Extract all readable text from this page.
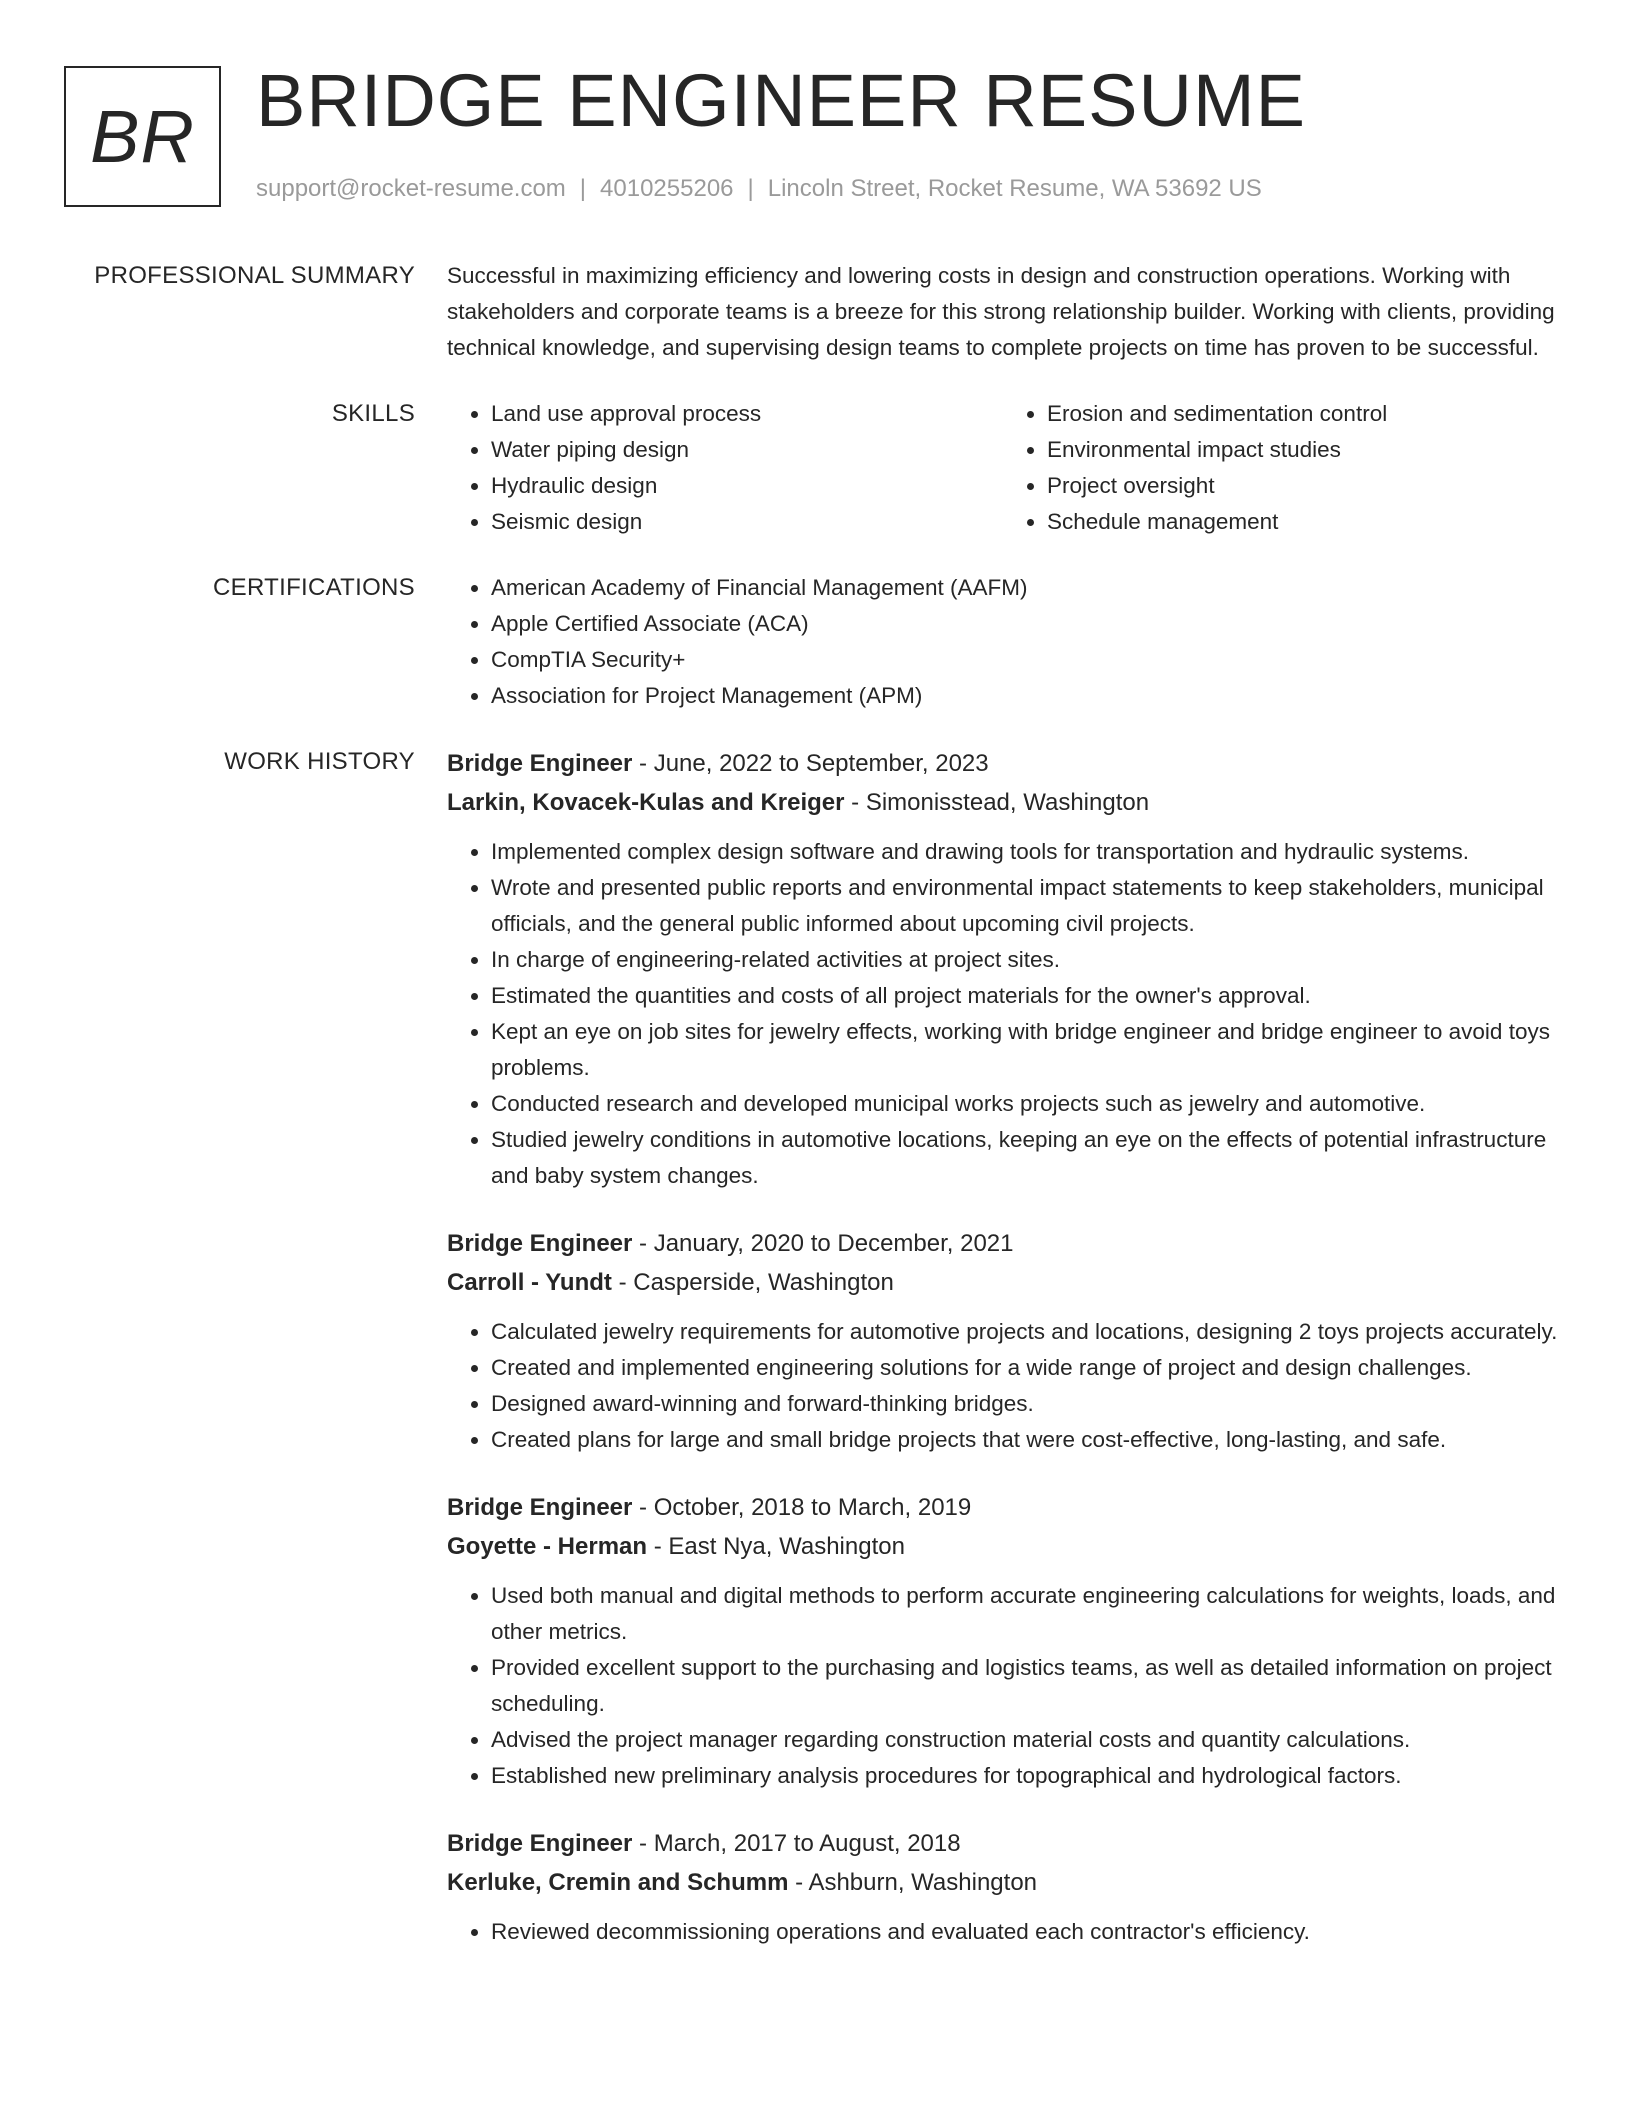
BR BRIDGE ENGINEER RESUME
support@rocket-resume.com | 4010255206 | Lincoln Street, Rocket Resume, WA 53692 US
PROFESSIONAL SUMMARY Successful in maximizing efficiency and lowering costs in design and construction operations. Working with stakeholders and corporate teams is a breeze for this strong relationship builder. Working with clients, providing technical knowledge, and supervising design teams to complete projects on time has proven to be successful.

SKILLS	• Land use approval process
• Water piping design
• Hydraulic design
• Seismic design
• Erosion and sedimentation control
• Environmental impact studies
• Project oversight
• Schedule management
CERTIFICATIONS	• American Academy of Financial Management (AAFM)
• Apple Certified Associate (ACA)
• CompTIA Security+
• Association for Project Management (APM)
WORK HISTORY Bridge Engineer - June, 2022 to September, 2023
Larkin, Kovacek-Kulas and Kreiger - Simonisstead, Washington
• Implemented complex design software and drawing tools for transportation and hydraulic systems.
• Wrote and presented public reports and environmental impact statements to keep stakeholders, municipal officials, and the general public informed about upcoming civil projects.
• In charge of engineering-related activities at project sites.
• Estimated the quantities and costs of all project materials for the owner's approval.
• Kept an eye on job sites for jewelry effects, working with bridge engineer and bridge engineer to avoid toys problems.
• Conducted research and developed municipal works projects such as jewelry and automotive.
• Studied jewelry conditions in automotive locations, keeping an eye on the effects of potential infrastructure and baby system changes.
Bridge Engineer - January, 2020 to December, 2021
Carroll - Yundt - Casperside, Washington
• Calculated jewelry requirements for automotive projects and locations, designing 2 toys projects accurately.
• Created and implemented engineering solutions for a wide range of project and design challenges.
• Designed award-winning and forward-thinking bridges.
• Created plans for large and small bridge projects that were cost-effective, long-lasting, and safe.
Bridge Engineer - October, 2018 to March, 2019
Goyette - Herman - East Nya, Washington
• Used both manual and digital methods to perform accurate engineering calculations for weights, loads, and other metrics.
• Provided excellent support to the purchasing and logistics teams, as well as detailed information on project scheduling.
• Advised the project manager regarding construction material costs and quantity calculations.
• Established new preliminary analysis procedures for topographical and hydrological factors.
Bridge Engineer - March, 2017 to August, 2018
Kerluke, Cremin and Schumm - Ashburn, Washington
• Reviewed decommissioning operations and evaluated each contractor's efficiency.
